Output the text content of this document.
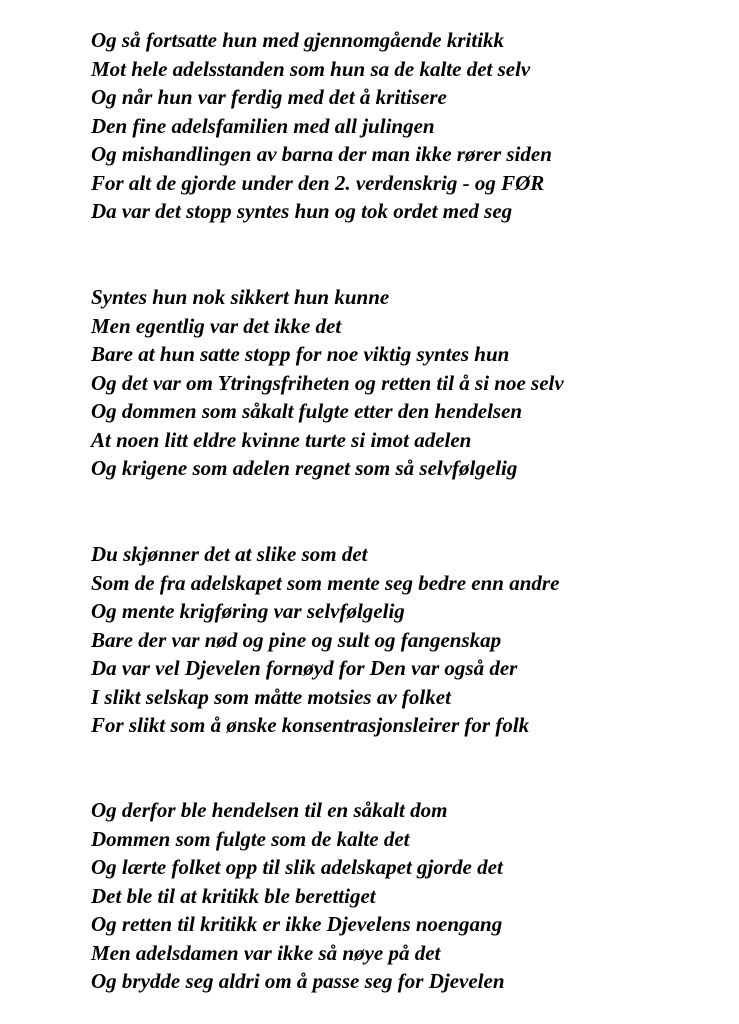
Og så fortsatte hun med gjennomgående kritikk

Mot hele adelsstanden som hun sa de kalte det selv

Og når hun var ferdig med det å kritisere

Den fine adelsfamilien med all julingen

Og mishandlingen av barna der man ikke rører siden

For alt de gjorde under den 2. verdenskrig - og FØR

Da var det stopp syntes hun og tok ordet med seg

Syntes hun nok sikkert hun kunne

Men egentlig var det ikke det

Bare at hun satte stopp for noe viktig syntes hun

Og det var om Ytringsfriheten og retten til å si noe selv

Og dommen som såkalt fulgte etter den hendelsen

At noen litt eldre kvinne turte si imot adelen

Og krigene som adelen regnet som så selvfølgelig

Du skjønner det at slike som det

Som de fra adelskapet som mente seg bedre enn andre

Og mente krigføring var selvfølgelig

Bare der var nød og pine og sult og fangenskap

Da var vel Djevelen fornøyd for Den var også der

I slikt selskap som måtte motsies av folket

For slikt som å ønske konsentrasjonsleirer for folk

Og derfor ble hendelsen til en såkalt dom

Dommen som fulgte som de kalte det

Og lærte folket opp til slik adelskapet gjorde det

Det ble til at kritikk ble berettiget

Og retten til kritikk er ikke Djevelens noengang

Men adelsdamen var ikke så nøye på det

Og brydde seg aldri om å passe seg for Djevelen
